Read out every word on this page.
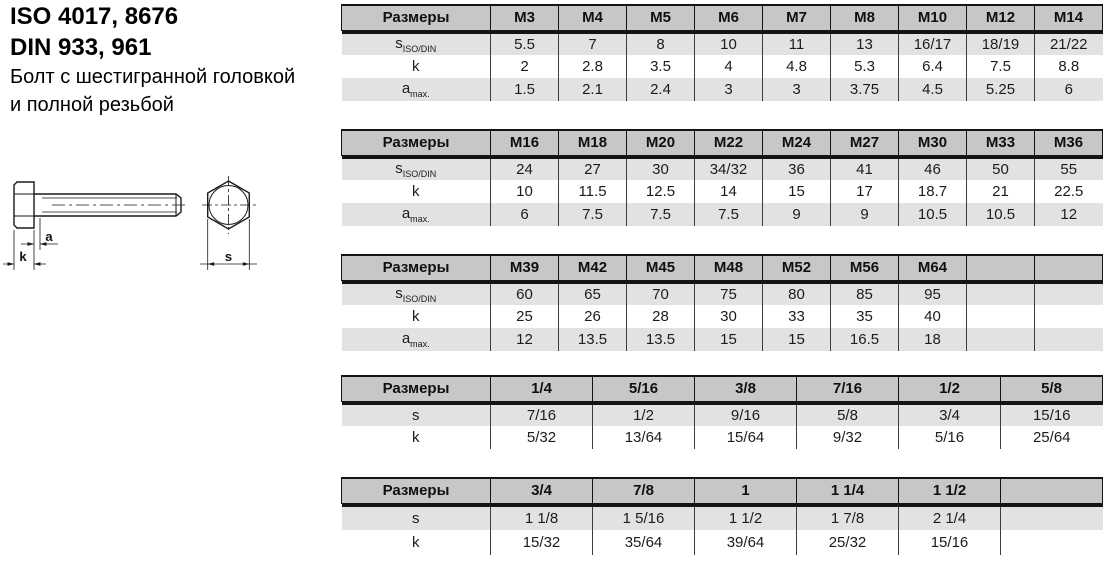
ISO 4017, 8676
DIN 933, 961
Болт с шестигранной головкой
и полной резьбой
a
k	s
Размеры	M3	M4	M5	M6	M7	M8	M10	M12	M14

$s_{ISO/DIN}$	5.5	7	8	10	11	13	16/17	18/19	21/22
k	2	2.8	3.5	4	4.8	5.3	6.4	7.5	8.8
$a_{max.}$	1.5	2.1	2.4	3	3	3.75	4.5	5.25	6
Размеры	M16	M18	M20	M22	M24	M27	M30	M33	M36

$s_{ISO/DIN}$	24	27	30	34/32	36	41	46	50	55
k	10	11.5	12.5	14	15	17	18.7	21	22.5
$a_{max.}$	6	7.5	7.5	7.5	9	9	10.5	10.5	12
Размеры	M39	M42	M45	M48	M52	M56	M64		

$s_{ISO/DIN}$	60	65	70	75	80	85	95		
k	25	26	28	30	33	35	40		
$a_{max.}$	12	13.5	13.5	15	15	16.5	18		
Размеры	1/4	5/16	3/8	7/16	1/2	5/8

s	7/16	1/2	9/16	5/8	3/4	15/16
k	5/32	13/64	15/64	9/32	5/16	25/64
Размеры	3/4	7/8	1	1 1/4	1 1/2	

s	1 1/8	1 5/16	1 1/2	1 7/8	2 1/4	
k	15/32	35/64	39/64	25/32	15/16	
